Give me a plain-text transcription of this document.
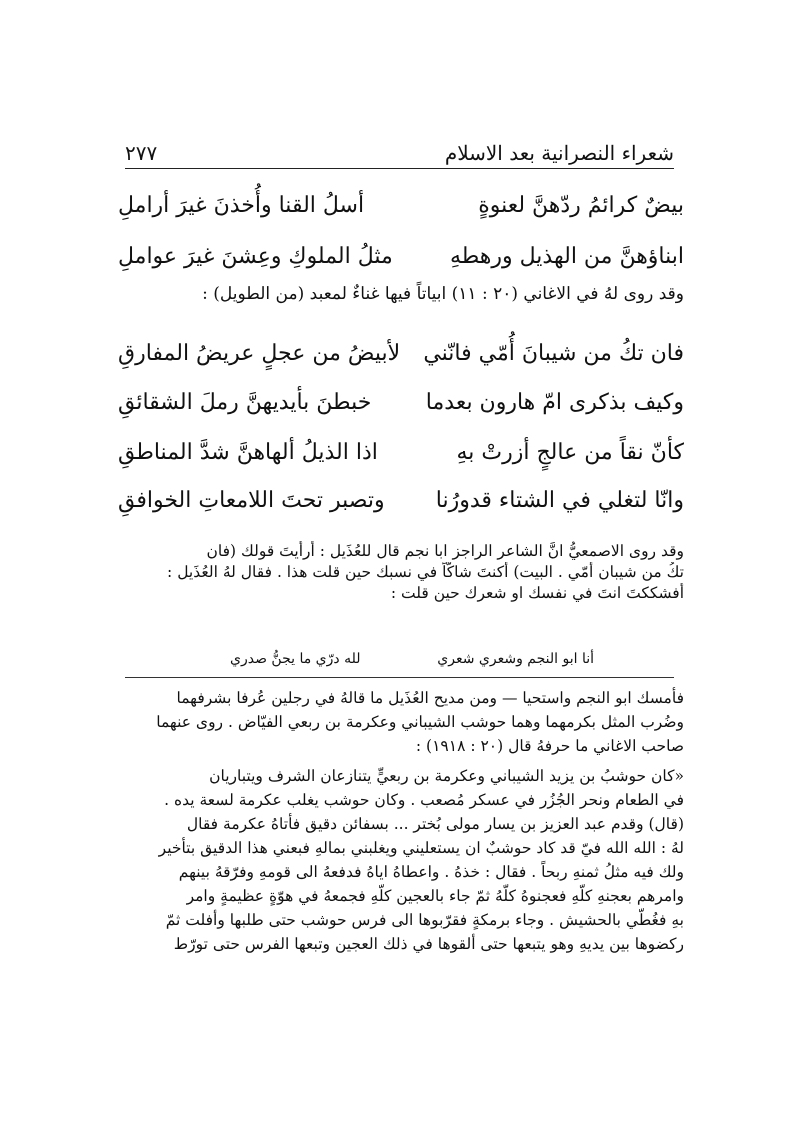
شعراء النصرانية بعد الاسلام
٢٧٧
بيضٌ كرائمُ ردّهنَّ لعنوةٍ
أسلُ القنا وأُخذنَ غيرَ أراملِ
ابناؤهنَّ من الهذيل ورهطهِ
مثلُ الملوكِ وعِشنَ غيرَ عواملِ
وقد روى لهُ في الاغاني (٢٠ : ١١) ابياتاً فيها غناءٌ لمعبد (من الطويل) :
فان تكُ من شيبانَ أُمّي فانّني
لأبيضُ من عجلٍ عريضُ المفارقِ
وكيف بذكرى امّ هارون بعدما
خبطنَ بأيديهنَّ رملَ الشقائقِ
كأنّ نقاً من عالجٍ أزرتْ بهِ
اذا الذيلُ ألهاهنَّ شدَّ المناطقِ
وانّا لتغلي في الشتاء قدورُنا
وتصبر تحتَ اللامعاتِ الخوافقِ

وقد روى الاصمعيُّ انَّ الشاعر الراجز ابا نجم قال للعُذَيل : أرأيتَ قولك (فان

تكُ من شيبان أُمّي . البيت) أكنتَ شاكّاً في نسبك حين قلت هذا . فقال لهُ العُذَيل :

أفشككتَ انتَ في نفسك او شعرك حين قلت :

أنا ابو النجم وشعري شعري
لله درّي ما يجنُّ صدري

فأمسك ابو النجم واستحيا — ومن مديح العُذَيل ما قالهُ في رجلين عُرفا بشرفهما

وضُرب المثل بكرمهما وهما حوشب الشيباني وعكرمة بن ربعي الفيّاض . روى عنهما

صاحب الاغاني ما حرفهُ قال (٢٠ : ١٩١٨) :

«كان حوشبُ بن يزيد الشيباني وعكرمة بن ربعيٍّ يتنازعان الشرف ويتباريان

في الطعام ونحر الجُزُر في عسكر مُصعب . وكان حوشب يغلب عكرمة لسعة يده .

(قال) وقدم عبد العزيز بن يسار مولى بُختر ... بسفائن دقيق فأتاهُ عكرمة فقال

لهُ : الله الله فيّ قد كاد حوشبٌ ان يستعليني ويغلبني بمالهِ فبعني هذا الدقيق بتأخير

ولك فيه مثلُ ثمنهِ ربحاً . فقال : خذهُ . واعطاهُ اياهُ فدفعهُ الى قومهِ وفرّقهُ بينهم

وامرهم بعجنهِ كلّهِ فعجنوهُ كلّهُ ثمّ جاء بالعجين كلّهِ فجمعهُ في هوّةٍ عظيمةٍ وامر

بهِ فغُطّي بالحشيش . وجاء برمكةٍ فقرّبوها الى فرس حوشب حتى طلبها وأفلت ثمّ

ركضوها بين يديهِ وهو يتبعها حتى ألقوها في ذلك العجين وتبعها الفرس حتى تورّط
